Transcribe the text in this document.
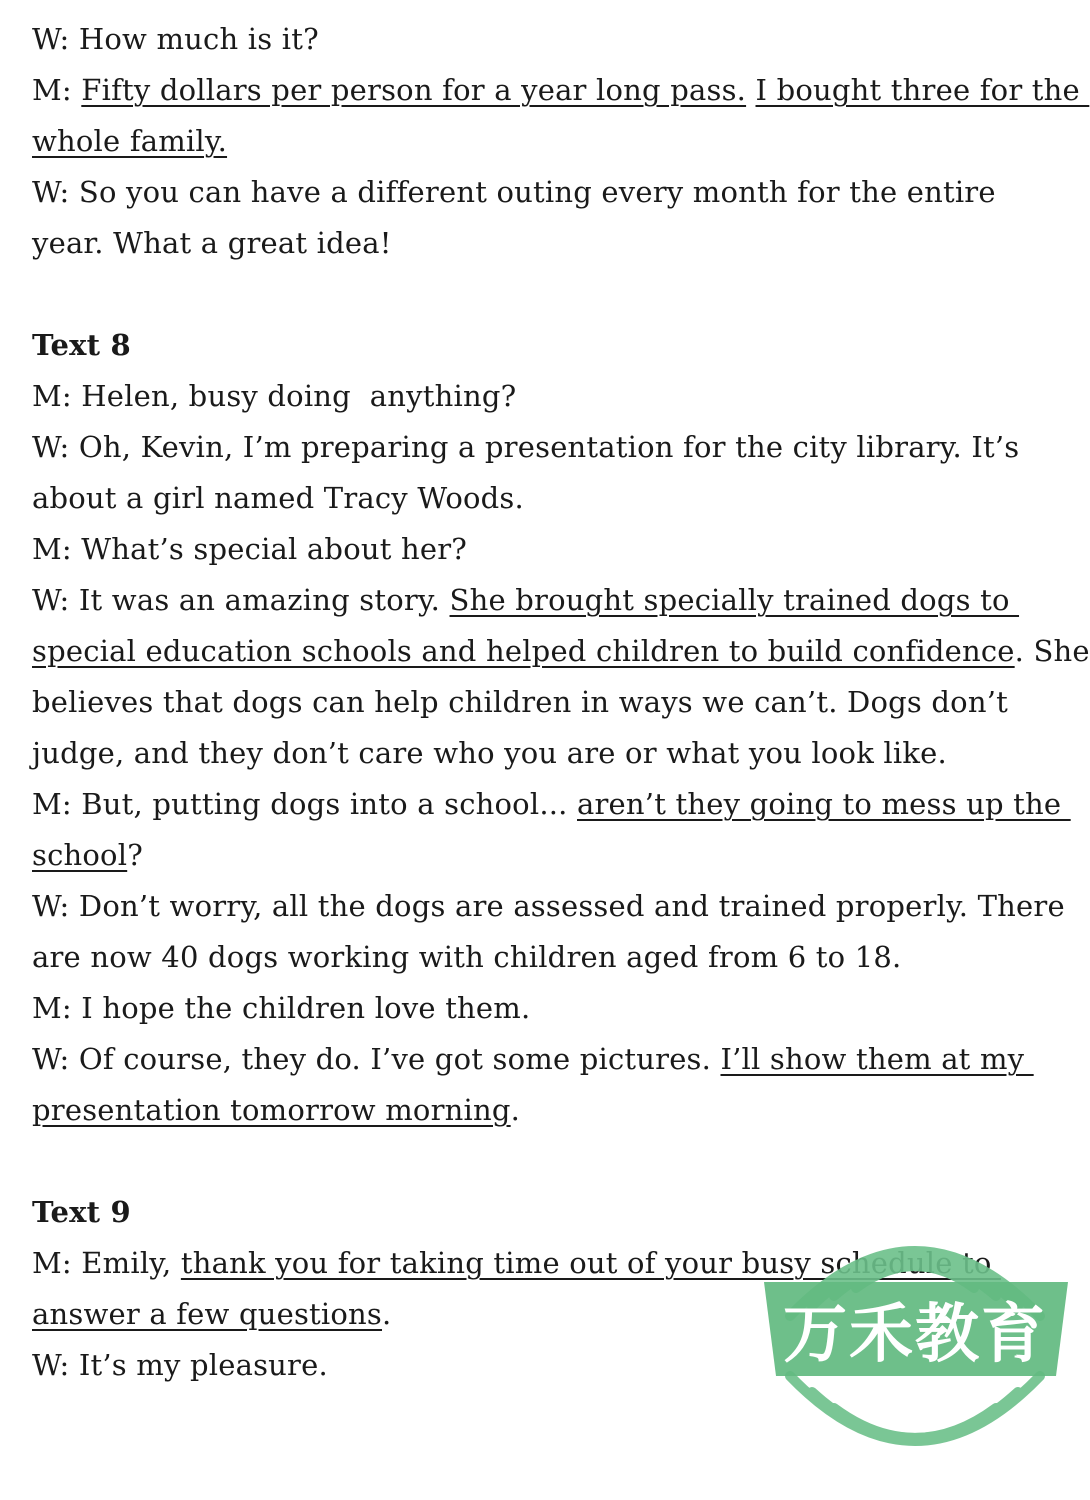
W: How much is it?
M: Fifty dollars per person for a year long pass. I bought three for the
whole family.
W: So you can have a different outing every month for the entire
year. What a great idea!
Text 8
M: Helen, busy doing  anything?
W: Oh, Kevin, I’m preparing a presentation for the city library. It’s
about a girl named Tracy Woods.
M: What’s special about her?
W: It was an amazing story. She brought specially trained dogs to
special education schools and helped children to build confidence. She
believes that dogs can help children in ways we can’t. Dogs don’t
judge, and they don’t care who you are or what you look like.
M: But, putting dogs into a school... aren’t they going to mess up the
school?
W: Don’t worry, all the dogs are assessed and trained properly. There
are now 40 dogs working with children aged from 6 to 18.
M: I hope the children love them.
W: Of course, they do. I’ve got some pictures. I’ll show them at my
presentation tomorrow morning.
Text 9
M: Emily, thank you for taking time out of your busy schedule to
answer a few questions.
W: It’s my pleasure.	万禾教育
